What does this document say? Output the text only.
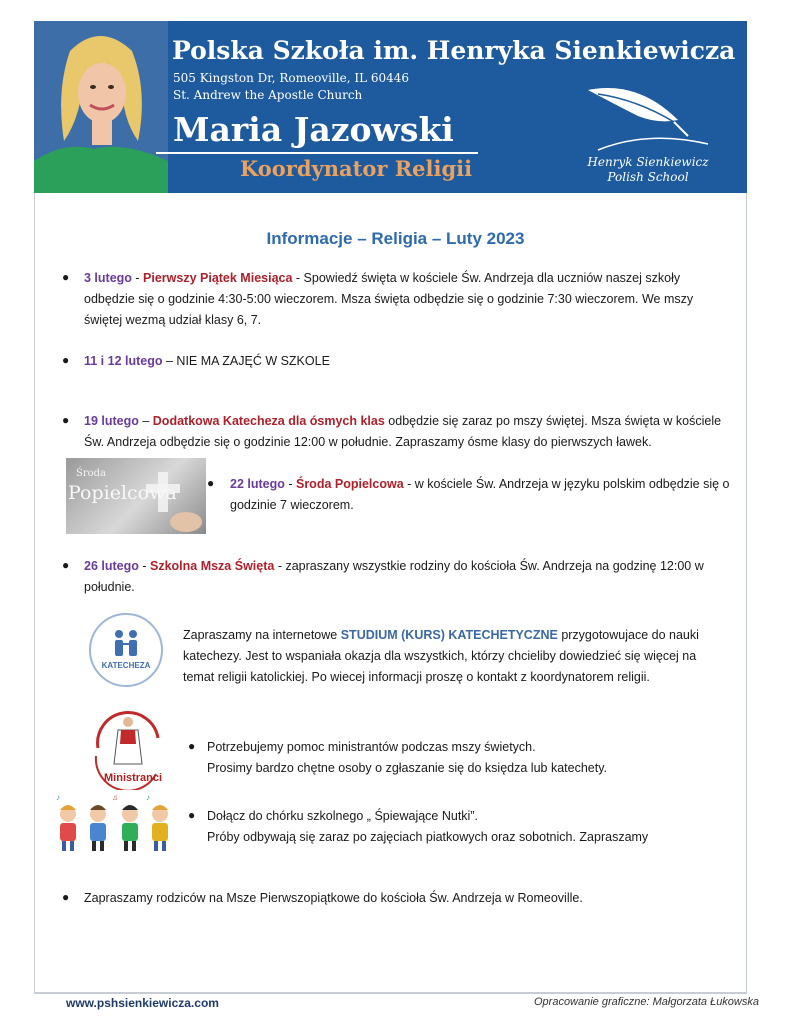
Polska Szkoła im. Henryka Sienkiewicza
505 Kingston Dr, Romeoville, IL 60446
St. Andrew the Apostle Church
Maria Jazowski
Koordynator Religii	Henryk Sienkiewicz
Polish School
Informacje – Religia – Luty 2023
● 3 lutego - Pierwszy Piątek Miesiąca - Spowiedź święta w kościele Św. Andrzeja dla uczniów naszej szkoły odbędzie się o godzinie 4:30-5:00 wieczorem. Msza święta odbędzie się o godzinie 7:30 wieczorem. We mszy świętej wezmą udział klasy 6, 7.
● 11 i 12 lutego – NIE MA ZAJĘĆ W SZKOLE
● 19 lutego – Dodatkowa Katecheza dla ósmych klas odbędzie się zaraz po mszy świętej. Msza święta w kościele Św. Andrzeja odbędzie się o godzinie 12:00 w południe. Zapraszamy ósme klasy do pierwszych ławek.
Środa
Popielcowa	● 22 lutego - Środa Popielcowa - w kościele Św. Andrzeja w języku polskim odbędzie się o godzinie 7 wieczorem.
● 26 lutego - Szkolna Msza Święta - zapraszany wszystkie rodziny do kościoła Św. Andrzeja na godzinę 12:00 w południe.
KATECHEZA
Zapraszamy na internetowe STUDIUM (KURS) KATECHETYCZNE przygotowujace do nauki katechezy. Jest to wspaniała okazja dla wszystkich, którzy chcieliby dowiedzieć się więcej na temat religii katolickiej. Po wiecej informacji proszę o kontakt z koordynatorem religii.
Ministranci
● Potrzebujemy pomoc ministrantów podczas mszy świetych.
Prosimy bardzo chętne osoby o zgłaszanie się do księdza lub katechety.
♪	♫	♪
● Dołącz do chórku szkolnego „ Śpiewające Nutki”.
Próby odbywają się zaraz po zajęciach piatkowych oraz sobotnich. Zapraszamy
● Zapraszamy rodziców na Msze Pierwszopiątkowe do kościoła Św. Andrzeja w Romeoville.
www.pshsienkiewicza.com	Opracowanie graficzne: Małgorzata Łukowska
